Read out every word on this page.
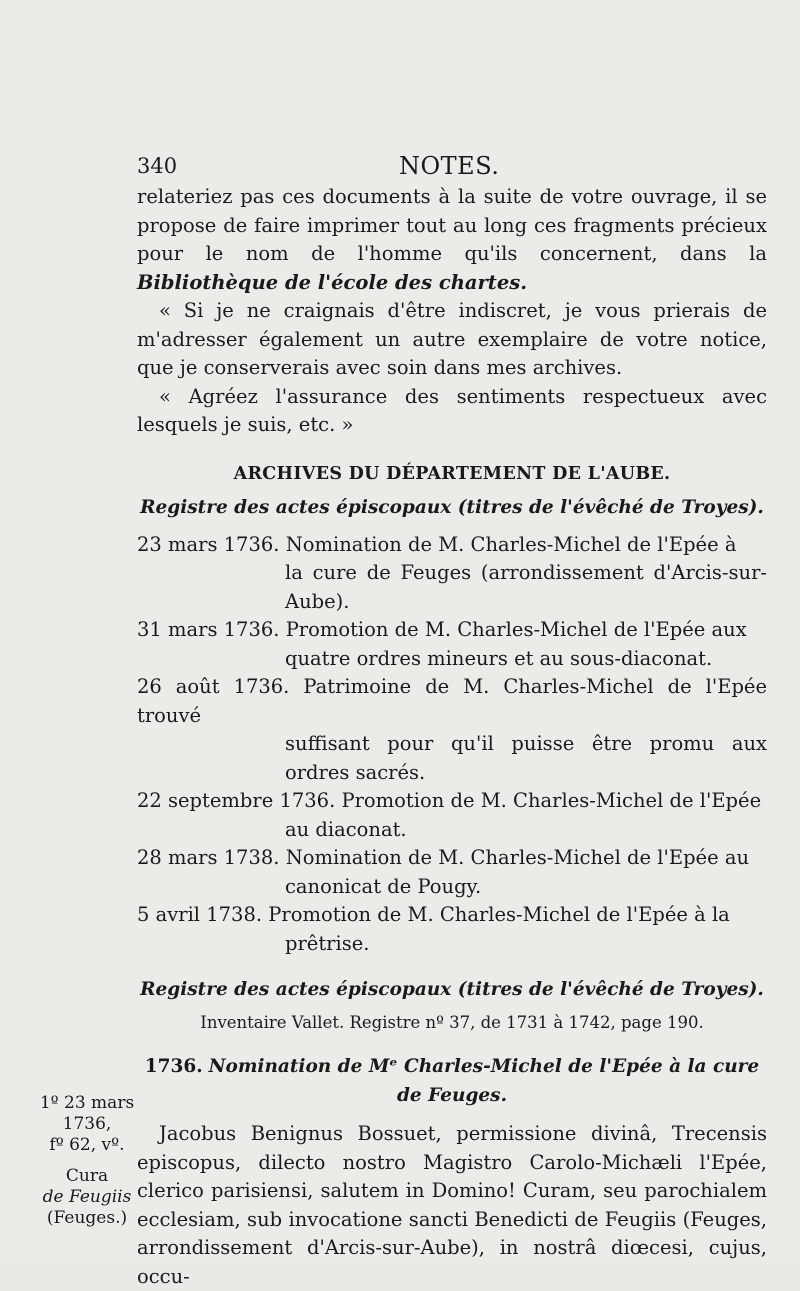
340	NOTES.

relateriez pas ces documents à la suite de votre ouvrage, il se propose de faire imprimer tout au long ces fragments précieux pour le nom de l'homme qu'ils concernent, dans la Bibliothèque de l'école des chartes.

« Si je ne craignais d'être indiscret, je vous prierais de m'adresser également un autre exemplaire de votre notice, que je conserverais avec soin dans mes archives.

« Agréez l'assurance des sentiments respectueux avec lesquels je suis, etc. »

ARCHIVES DU DÉPARTEMENT DE L'AUBE.

Registre des actes épiscopaux (titres de l'évêché de Troyes).

23 mars 1736. Nomination de M. Charles-Michel de l'Epée à
la cure de Feuges (arrondissement d'Arcis-sur-Aube).

31 mars 1736. Promotion de M. Charles-Michel de l'Epée aux
quatre ordres mineurs et au sous-diaconat.

26 août 1736. Patrimoine de M. Charles-Michel de l'Epée trouvé
suffisant pour qu'il puisse être promu aux ordres sacrés.

22 septembre 1736. Promotion de M. Charles-Michel de l'Epée
au diaconat.

28 mars 1738. Nomination de M. Charles-Michel de l'Epée au
canonicat de Pougy.

5 avril 1738. Promotion de M. Charles-Michel de l'Epée à la
prêtrise.

Registre des actes épiscopaux (titres de l'évêché de Troyes).

Inventaire Vallet. Registre nº 37, de 1731 à 1742, page 190.

1736. Nomination de Mᵉ Charles-Michel de l'Epée à la cure

de Feuges.

Jacobus Benignus Bossuet, permissione divinâ, Trecensis episcopus, dilecto nostro Magistro Carolo-Michæli l'Epée, clerico parisiensi, salutem in Domino! Curam, seu parochialem ecclesiam, sub invocatione sancti Benedicti de Feugiis (Feuges, arrondissement d'Arcis-sur-Aube), in nostrâ diœcesi, cujus, occu-

1º 23 mars
1736,
fº 62, vº.
Cura
de Feugiis
(Feuges.)
